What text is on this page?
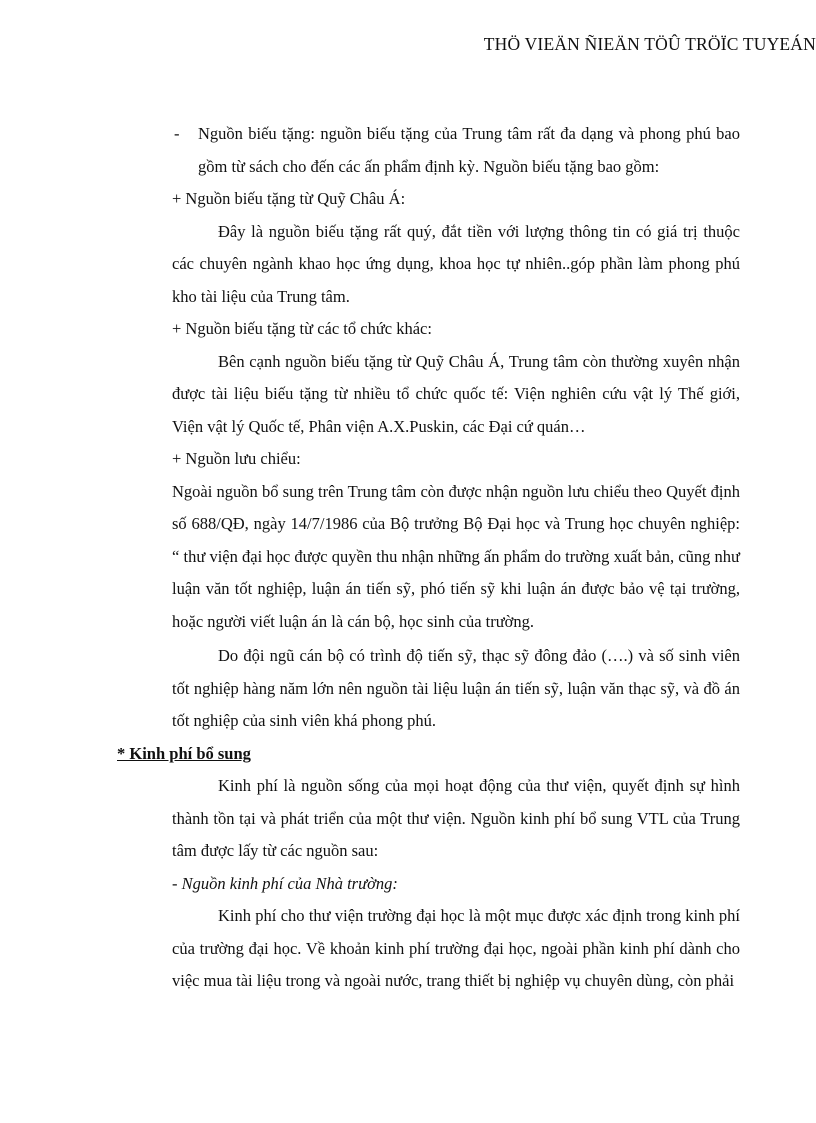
THÖ VIEÄN ÑIEÄN TÖÛ TRÖÏC TUYEÁN
-	Nguồn biếu tặng: nguồn biếu tặng của Trung tâm rất đa dạng và phong phú bao gồm từ sách cho đến các ấn phẩm định kỳ. Nguồn biếu tặng bao gồm:

+ Nguồn biếu tặng từ Quỹ Châu Á:

Đây là nguồn biếu tặng rất quý, đắt tiền với lượng thông tin có giá trị thuộc các chuyên ngành khao học ứng dụng, khoa học tự nhiên..góp phần làm phong phú kho tài liệu của Trung tâm.

+ Nguồn biếu tặng từ các tổ chức khác:

Bên cạnh nguồn biếu tặng từ Quỹ Châu Á, Trung tâm còn thường xuyên nhận được tài liệu biếu tặng từ nhiều tổ chức quốc tế: Viện nghiên cứu vật lý Thế giới, Viện vật lý Quốc tế, Phân viện A.X.Puskin, các Đại cứ quán…

+ Nguồn lưu chiểu:

Ngoài nguồn bổ sung trên Trung tâm còn được nhận nguồn lưu chiểu theo Quyết định số 688/QĐ, ngày 14/7/1986 của Bộ trưởng Bộ Đại học và Trung học chuyên nghiệp: “ thư viện đại học được quyền thu nhận những ấn phẩm do trường xuất bản, cũng như luận văn tốt nghiệp, luận án tiến sỹ, phó tiến sỹ khi luận án được bảo vệ tại trường, hoặc người viết luận án là cán bộ, học sinh của trường.

Do đội ngũ cán bộ có trình độ tiến sỹ, thạc sỹ đông đảo (….) và số sinh viên tốt nghiệp hàng năm lớn nên nguồn tài liệu luận án tiến sỹ, luận văn thạc sỹ, và đồ án tốt nghiệp của sinh viên khá phong phú.

* Kinh phí bổ sung

Kinh phí là nguồn sống của mọi hoạt động của thư viện, quyết định sự hình thành tồn tại và phát triển của một thư viện. Nguồn kinh phí bổ sung VTL của Trung tâm được lấy từ các nguồn sau:

- Nguồn kinh phí của Nhà trường:

Kinh phí cho thư viện trường đại học là một mục được xác định trong kinh phí của trường đại học. Về khoản kinh phí trường đại học, ngoài phần kinh phí dành cho việc mua tài liệu trong và ngoài nước, trang thiết bị nghiệp vụ chuyên dùng, còn phải
